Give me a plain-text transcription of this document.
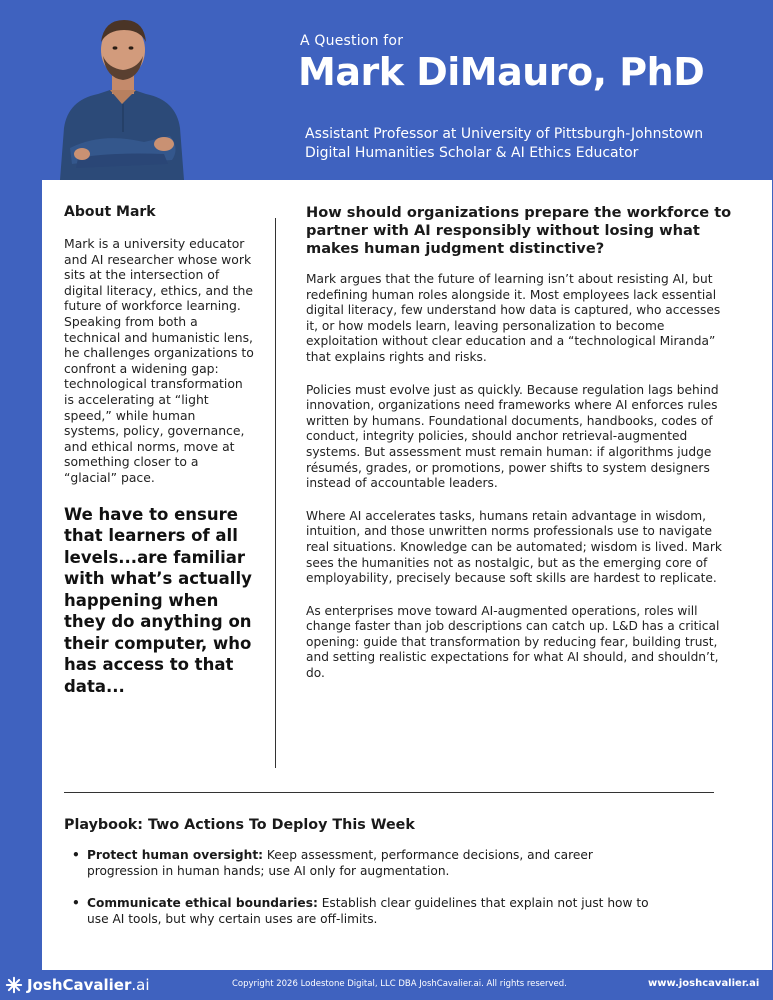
A Question for
Mark DiMauro, PhD
Assistant Professor at University of Pittsburgh-Johnstown
Digital Humanities Scholar & AI Ethics Educator
About Mark
Mark is a university educator and AI researcher whose work sits at the intersection of digital literacy, ethics, and the future of workforce learning. Speaking from both a technical and humanistic lens, he challenges organizations to confront a widening gap: technological transformation is accelerating at “light speed,” while human systems, policy, governance, and ethical norms, move at something closer to a “glacial” pace.
We have to ensure that learners of all levels...are familiar with what’s actually happening when they do anything on their computer, who has access to that data...
How should organizations prepare the workforce to partner with AI responsibly without losing what makes human judgment distinctive?

Mark argues that the future of learning isn’t about resisting AI, but redefining human roles alongside it. Most employees lack essential digital literacy, few understand how data is captured, who accesses it, or how models learn, leaving personalization to become exploitation without clear education and a “technological Miranda” that explains rights and risks.

Policies must evolve just as quickly. Because regulation lags behind innovation, organizations need frameworks where AI enforces rules written by humans. Foundational documents, handbooks, codes of conduct, integrity policies, should anchor retrieval-augmented systems. But assessment must remain human: if algorithms judge résumés, grades, or promotions, power shifts to system designers instead of accountable leaders.

Where AI accelerates tasks, humans retain advantage in wisdom, intuition, and those unwritten norms professionals use to navigate real situations. Knowledge can be automated; wisdom is lived. Mark sees the humanities not as nostalgic, but as the emerging core of employability, precisely because soft skills are hardest to replicate.

As enterprises move toward AI-augmented operations, roles will change faster than job descriptions can catch up. L&D has a critical opening: guide that transformation by reducing fear, building trust, and setting realistic expectations for what AI should, and shouldn’t, do.

Playbook: Two Actions To Deploy This Week
• Protect human oversight: Keep assessment, performance decisions, and career progression in human hands; use AI only for augmentation.
• Communicate ethical boundaries: Establish clear guidelines that explain not just how to use AI tools, but why certain uses are off-limits.
JoshCavalier.ai	Copyright 2026 Lodestone Digital, LLC DBA JoshCavalier.ai. All rights reserved.	www.joshcavalier.ai
